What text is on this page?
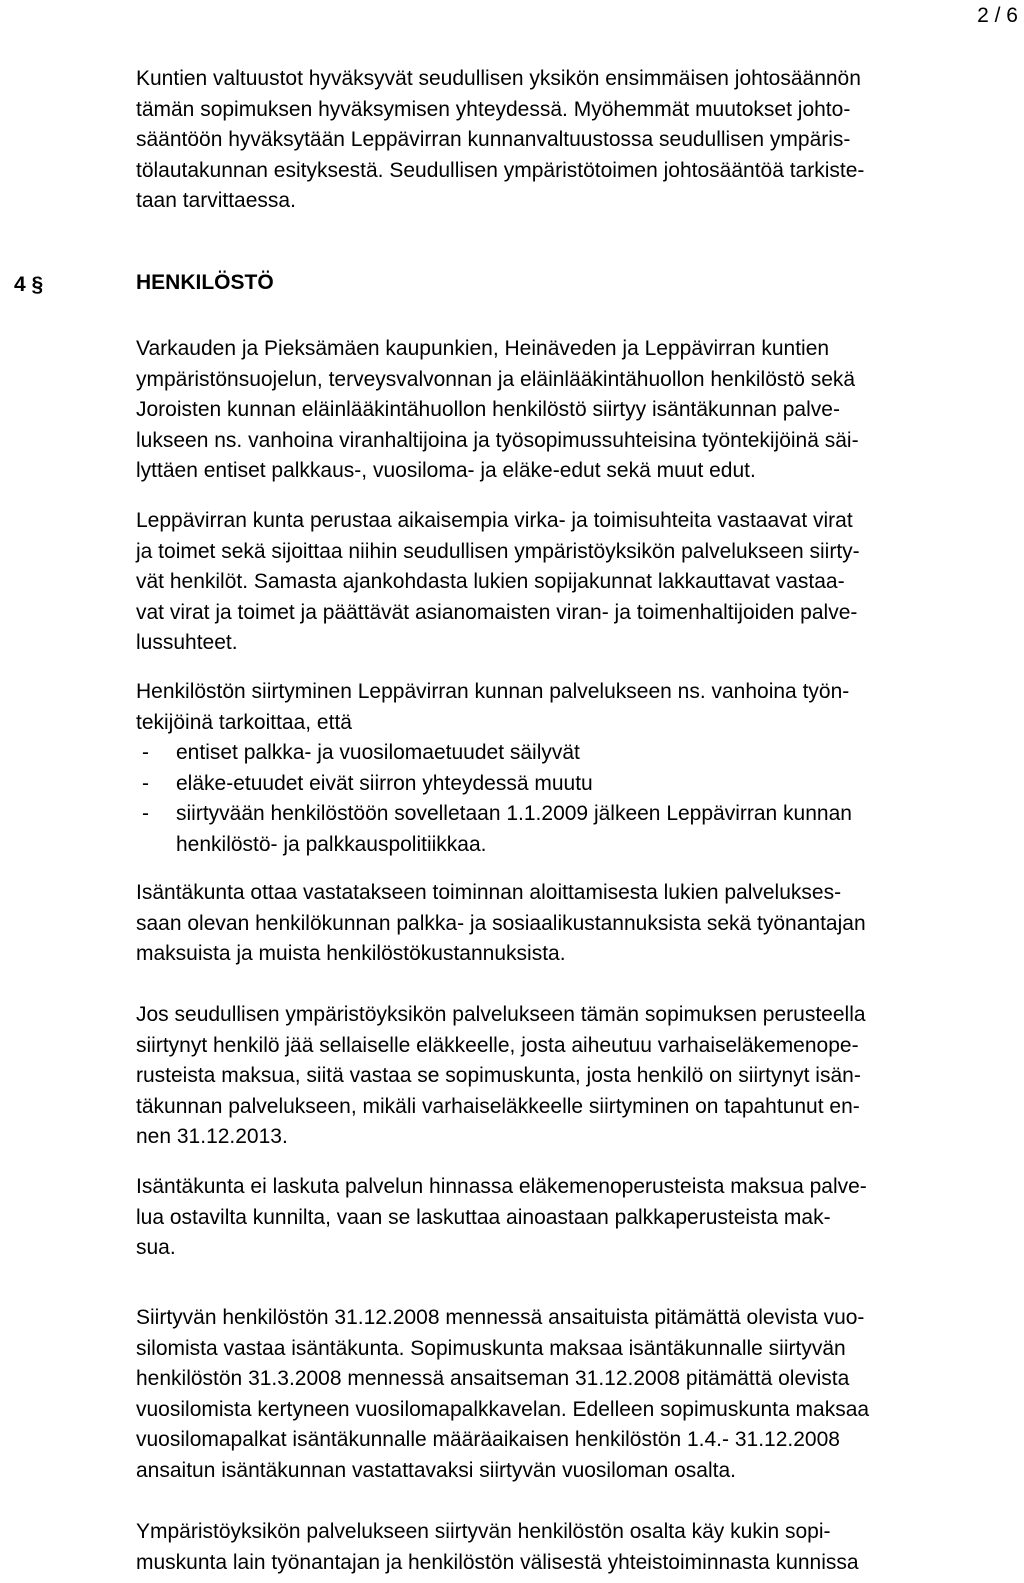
2 / 6

Kuntien valtuustot hyväksyvät seudullisen yksikön ensimmäisen johtosäännön
tämän sopimuksen hyväksymisen yhteydessä. Myöhemmät muutokset johto-
sääntöön hyväksytään Leppävirran kunnanvaltuustossa seudullisen ympäris-
tölautakunnan esityksestä. Seudullisen ympäristötoimen johtosääntöä tarkiste-
taan tarvittaessa.

4 §	HENKILÖSTÖ

Varkauden ja Pieksämäen kaupunkien, Heinäveden ja Leppävirran kuntien
ympäristönsuojelun, terveysvalvonnan ja eläinlääkintähuollon henkilöstö sekä
Joroisten kunnan eläinlääkintähuollon henkilöstö siirtyy isäntäkunnan palve-
lukseen ns. vanhoina viranhaltijoina ja työsopimussuhteisina työntekijöinä säi-
lyttäen entiset palkkaus-, vuosiloma- ja eläke-edut sekä muut edut.

Leppävirran kunta perustaa aikaisempia virka- ja toimisuhteita vastaavat virat
ja toimet sekä sijoittaa niihin seudullisen ympäristöyksikön palvelukseen siirty-
vät henkilöt. Samasta ajankohdasta lukien sopijakunnat lakkauttavat vastaa-
vat virat ja toimet ja päättävät asianomaisten viran- ja toimenhaltijoiden palve-
lussuhteet.

Henkilöstön siirtyminen Leppävirran kunnan palvelukseen ns. vanhoina työn-
tekijöinä tarkoittaa, että
- entiset palkka- ja vuosilomaetuudet säilyvät
- eläke-etuudet eivät siirron yhteydessä muutu
- siirtyvään henkilöstöön sovelletaan 1.1.2009 jälkeen Leppävirran kunnan
henkilöstö- ja palkkauspolitiikkaa.

Isäntäkunta ottaa vastatakseen toiminnan aloittamisesta lukien palvelukses-
saan olevan henkilökunnan palkka- ja sosiaalikustannuksista sekä työnantajan
maksuista ja muista henkilöstökustannuksista.

Jos seudullisen ympäristöyksikön palvelukseen tämän sopimuksen perusteella
siirtynyt henkilö jää sellaiselle eläkkeelle, josta aiheutuu varhaiseläkemenope-
rusteista maksua, siitä vastaa se sopimuskunta, josta henkilö on siirtynyt isän-
täkunnan palvelukseen, mikäli varhaiseläkkeelle siirtyminen on tapahtunut en-
nen 31.12.2013.

Isäntäkunta ei laskuta palvelun hinnassa eläkemenoperusteista maksua palve-
lua ostavilta kunnilta, vaan se laskuttaa ainoastaan palkkaperusteista mak-
sua.

Siirtyvän henkilöstön 31.12.2008 mennessä ansaituista pitämättä olevista vuo-
silomista vastaa isäntäkunta. Sopimuskunta maksaa isäntäkunnalle siirtyvän
henkilöstön 31.3.2008 mennessä ansaitseman 31.12.2008 pitämättä olevista
vuosilomista kertyneen vuosilomapalkkavelan. Edelleen sopimuskunta maksaa
vuosilomapalkat isäntäkunnalle määräaikaisen henkilöstön 1.4.- 31.12.2008
ansaitun isäntäkunnan vastattavaksi siirtyvän vuosiloman osalta.

Ympäristöyksikön palvelukseen siirtyvän henkilöstön osalta käy kukin sopi-
muskunta lain työnantajan ja henkilöstön välisestä yhteistoiminnasta kunnissa
